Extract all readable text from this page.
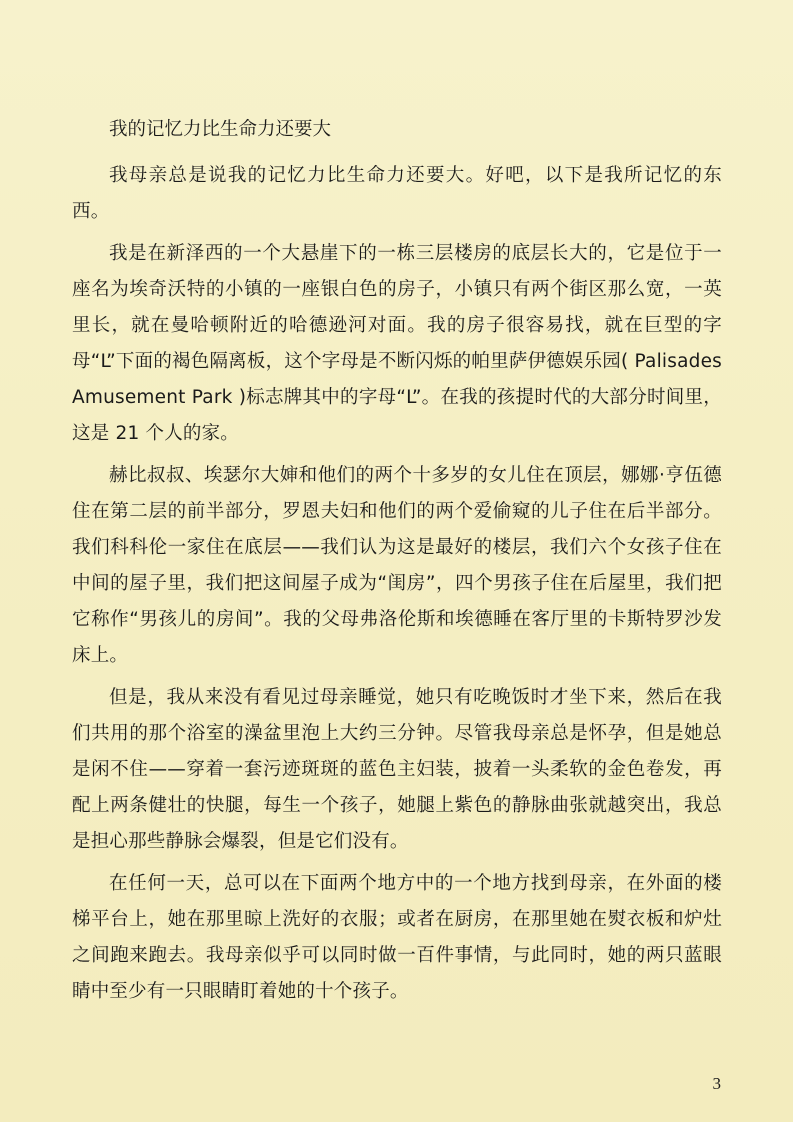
我的记忆力比生命力还要大

我母亲总是说我的记忆力比生命力还要大。好吧，以下是我所记忆的东西。

我是在新泽西的一个大悬崖下的一栋三层楼房的底层长大的，它是位于一座名为埃奇沃特的小镇的一座银白色的房子，小镇只有两个街区那么宽，一英里长，就在曼哈顿附近的哈德逊河对面。我的房子很容易找，就在巨型的字母“L”下面的褐色隔离板，这个字母是不断闪烁的帕里萨伊德娱乐园( Palisades Amusement Park )标志牌其中的字母“L”。在我的孩提时代的大部分时间里，这是 21 个人的家。

赫比叔叔、埃瑟尔大婶和他们的两个十多岁的女儿住在顶层，娜娜·亨伍德住在第二层的前半部分，罗恩夫妇和他们的两个爱偷窥的儿子住在后半部分。我们科科伦一家住在底层——我们认为这是最好的楼层，我们六个女孩子住在中间的屋子里，我们把这间屋子成为“闺房”，四个男孩子住在后屋里，我们把它称作“男孩儿的房间”。我的父母弗洛伦斯和埃德睡在客厅里的卡斯特罗沙发床上。

但是，我从来没有看见过母亲睡觉，她只有吃晚饭时才坐下来，然后在我们共用的那个浴室的澡盆里泡上大约三分钟。尽管我母亲总是怀孕，但是她总是闲不住——穿着一套污迹斑斑的蓝色主妇装，披着一头柔软的金色卷发，再配上两条健壮的快腿，每生一个孩子，她腿上紫色的静脉曲张就越突出，我总是担心那些静脉会爆裂，但是它们没有。

在任何一天，总可以在下面两个地方中的一个地方找到母亲，在外面的楼梯平台上，她在那里晾上洗好的衣服；或者在厨房，在那里她在熨衣板和炉灶之间跑来跑去。我母亲似乎可以同时做一百件事情，与此同时，她的两只蓝眼睛中至少有一只眼睛盯着她的十个孩子。

3
